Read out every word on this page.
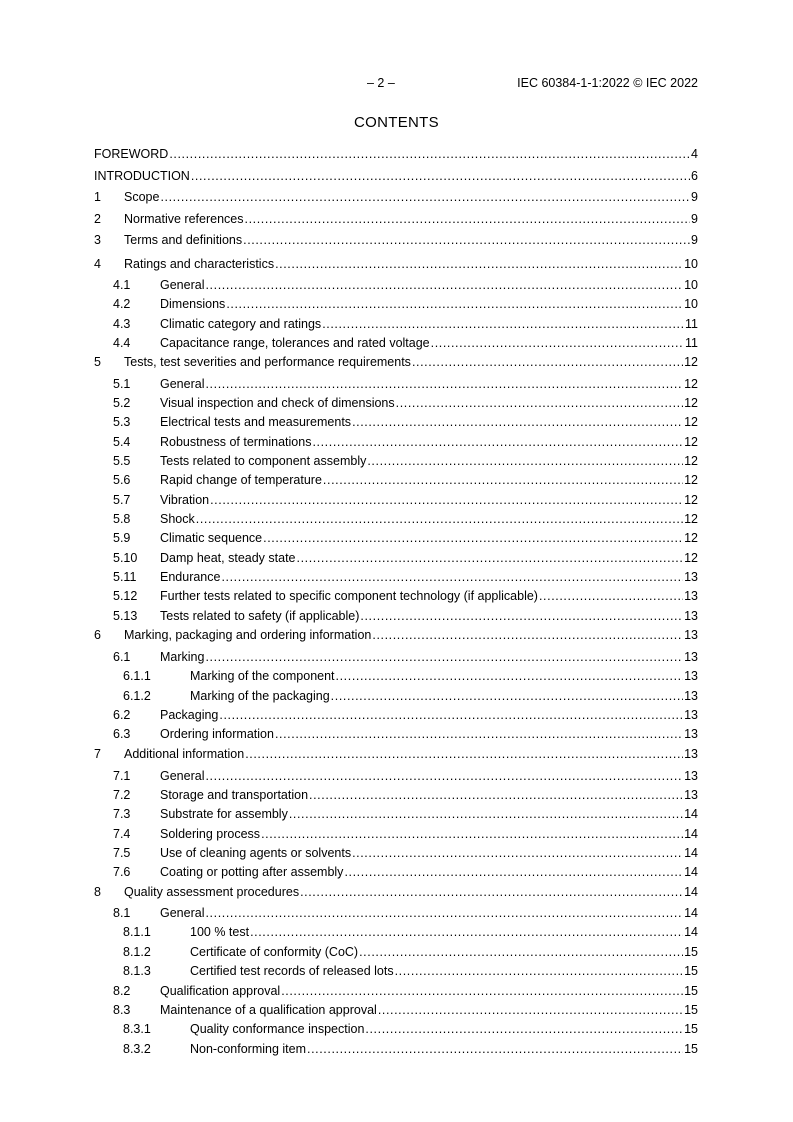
– 2 –	IEC 60384-1-1:2022 © IEC 2022
CONTENTS
FOREWORD .....	4
INTRODUCTION .....	6
1	Scope .....	9
2	Normative references .....	9
3	Terms and definitions .....	9
4	Ratings and characteristics .....	10
4.1	General .....	10
4.2	Dimensions .....	10
4.3	Climatic category and ratings .....	11
4.4	Capacitance range, tolerances and rated voltage .....	11
5	Tests, test severities and performance requirements .....	12
5.1	General .....	12
5.2	Visual inspection and check of dimensions .....	12
5.3	Electrical tests and measurements .....	12
5.4	Robustness of terminations .....	12
5.5	Tests related to component assembly .....	12
5.6	Rapid change of temperature .....	12
5.7	Vibration .....	12
5.8	Shock .....	12
5.9	Climatic sequence .....	12
5.10	Damp heat, steady state .....	12
5.11	Endurance .....	13
5.12	Further tests related to specific component technology (if applicable) .....	13
5.13	Tests related to safety (if applicable) .....	13
6	Marking, packaging and ordering information .....	13
6.1	Marking .....	13
6.1.1	Marking of the component .....	13
6.1.2	Marking of the packaging .....	13
6.2	Packaging .....	13
6.3	Ordering information .....	13
7	Additional information .....	13
7.1	General .....	13
7.2	Storage and transportation .....	13
7.3	Substrate for assembly .....	14
7.4	Soldering process .....	14
7.5	Use of cleaning agents or solvents .....	14
7.6	Coating or potting after assembly .....	14
8	Quality assessment procedures .....	14
8.1	General .....	14
8.1.1	100 % test .....	14
8.1.2	Certificate of conformity (CoC) .....	15
8.1.3	Certified test records of released lots .....	15
8.2	Qualification approval .....	15
8.3	Maintenance of a qualification approval .....	15
8.3.1	Quality conformance inspection .....	15
8.3.2	Non-conforming item .....	15
